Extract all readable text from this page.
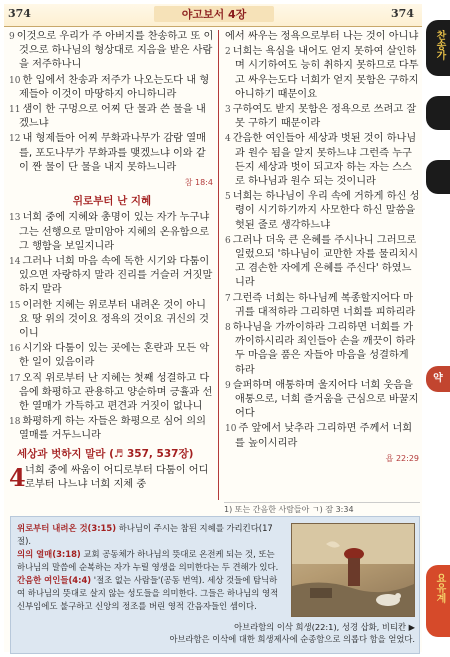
374	야고보서 4장	374

9 이것으로 우리가 주 아버지를 찬송하고 또 이것으로 하나님의 형상대로 지음을 받은 사람을 저주하나니

10 한 입에서 찬송과 저주가 나오는도다 내 형제들아 이것이 마땅하지 아니하니라

11 샘이 한 구멍으로 어찌 단 물과 쓴 물을 내겠느냐

12 내 형제들아 어찌 무화과나무가 감람 열매를, 포도나무가 무화과를 맺겠느냐 이와 같이 짠 물이 단 물을 내지 못하느니라

참 18:4
위로부터 난 지혜

13 너희 중에 지혜와 총명이 있는 자가 누구냐 그는 선행으로 말미암아 지혜의 온유함으로 그 행함을 보일지니라

14 그러나 너희 마음 속에 독한 시기와 다툼이 있으면 자랑하지 말라 진리를 거슬러 거짓말하지 말라

15 이러한 지혜는 위로부터 내려온 것이 아니요 땅 위의 것이요 정욕의 것이요 귀신의 것이니

16 시기와 다툼이 있는 곳에는 혼란과 모든 악한 일이 있음이라

17 오직 위로부터 난 지혜는 첫째 성결하고 다음에 화평하고 관용하고 양순하며 긍휼과 선한 열매가 가득하고 편견과 거짓이 없나니

18 화평하게 하는 자들은 화평으로 심어 의의 열매를 거두느니라

세상과 벗하지 말라 (♬ 357, 537장)
4 너희 중에 싸움이 어디로부터 다툼이 어디로부터 나느냐 너희 지체 중

에서 싸우는 정욕으로부터 나는 것이 아니냐

2 너희는 욕심을 내어도 얻지 못하여 살인하며 시기하여도 능히 취하지 못하므로 다투고 싸우는도다 너희가 얻지 못함은 구하지 아니하기 때문이요

3 구하여도 받지 못함은 정욕으로 쓰려고 잘못 구하기 때문이라

4 간음한 여인들아 세상과 벗된 것이 하나님과 원수 됨을 알지 못하느냐 그런즉 누구든지 세상과 벗이 되고자 하는 자는 스스로 하나님과 원수 되는 것이니라

5 너희는 하나님이 우리 속에 거하게 하신 성령이 시기하기까지 사모한다 하신 말씀을 헛된 줄로 생각하느냐

6 그러나 더욱 큰 은혜를 주시나니 그러므로 일렀으되 '하나님이 교만한 자를 물리치시고 겸손한 자에게 은혜를 주신다' 하였느니라

7 그런즉 너희는 하나님께 복종할지어다 마귀를 대적하라 그리하면 너희를 피하리라

8 하나님을 가까이하라 그리하면 너희를 가까이하시리라 죄인들아 손을 깨끗이 하라 두 마음을 품은 자들아 마음을 성결하게 하라

9 슬퍼하며 애통하며 울지어다 너희 웃음을 애통으로, 너희 즐거움을 근심으로 바꿀지어다

10 주 앞에서 낮추라 그리하면 주께서 너희를 높이시리라

욥 22:29
1) 또는 간음한 사람들아 ㄱ) 잠 3:34
위로부터 내려온 것(3:15) 하나님이 주시는 참된 지혜를 가리킨다(17절).
의의 열매(3:18) 교회 공동체가 하나님의 뜻대로 온전케 되는 것, 또는 하나님의 말씀에 순복하는 자가 누릴 영생을 의미한다는 두 견해가 있다.
간음한 여인들(4:4) '절조 없는 사람들'(공동 번역). 세상 것들에 탐닉하여 하나님의 뜻대로 살지 않는 성도들을 의미한다. 그들은 하나님의 영적 신부임에도 불구하고 신앙의 정조를 버린 영적 간음자들인 셈이다.
아브라함의 이삭 희생(22:1), 성경 삽화, 비티칸 ▶
아브라함은 이삭에 대한 희생제사에 순종함으로 의롭다 함을 얻었다.
찬송가
약
요유계
